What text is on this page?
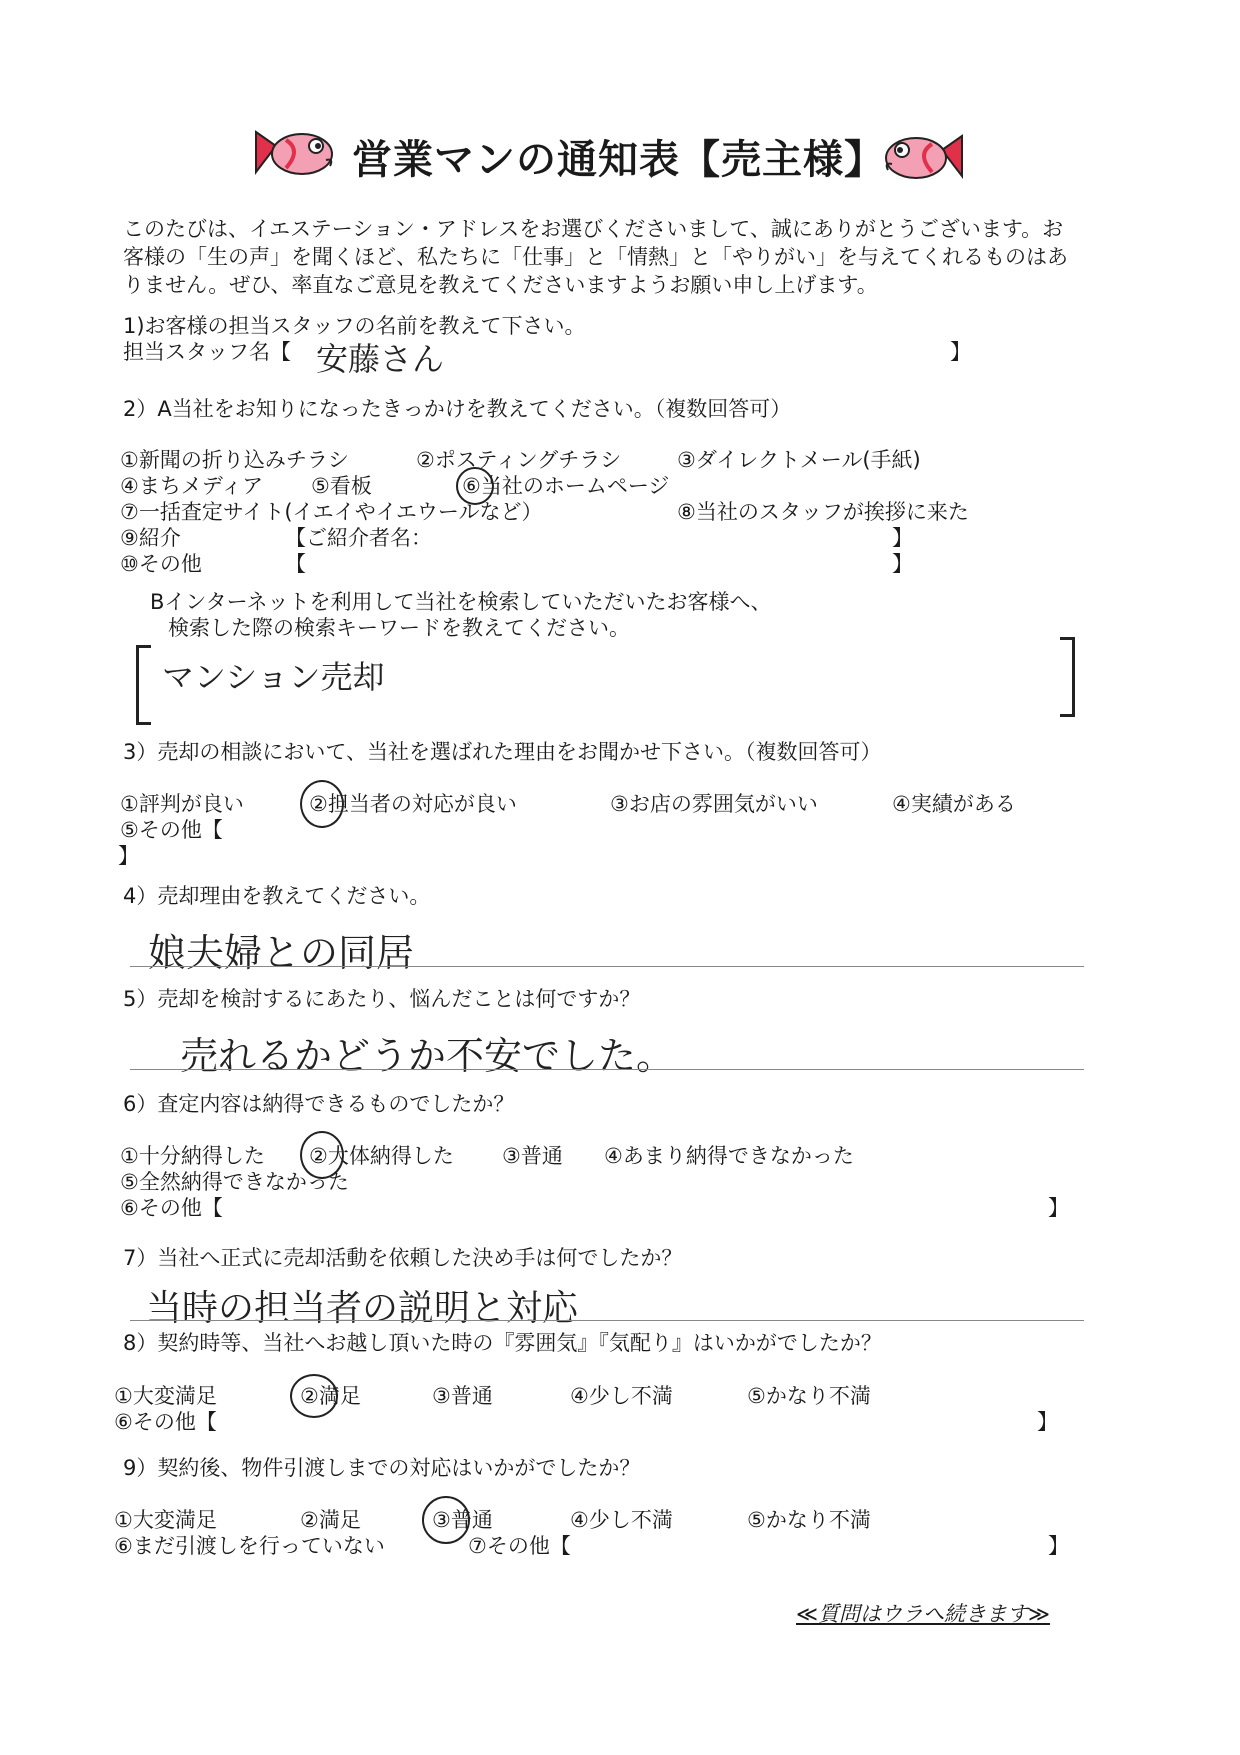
営業マンの通知表【売主様】
このたびは、イエステーション・アドレスをお選びくださいまして、誠にありがとうございます。お客様の「生の声」を聞くほど、私たちに「仕事」と「情熱」と「やりがい」を与えてくれるものはありません。ぜひ、率直なご意見を教えてくださいますようお願い申し上げます。
1)お客様の担当スタッフの名前を教えて下さい。
担当スタッフ名【 安藤さん	】
2）A当社をお知りになったきっかけを教えてください。（複数回答可）
①新聞の折り込みチラシ	②ポスティングチラシ	③ダイレクトメール(手紙)
④まちメディア ⑤看板	⑥当社のホームページ
⑦一括査定サイト(イエイやイエウールなど）	⑧当社のスタッフが挨拶に来た
⑨紹介	【ご紹介者名：	】
⑩その他	【	】
Bインターネットを利用して当社を検索していただいたお客様へ、
検索した際の検索キーワードを教えてください。
マンション売却
3）売却の相談において、当社を選ばれた理由をお聞かせ下さい。（複数回答可）
①評判が良い	②担当者の対応が良い	③お店の雰囲気がいい	④実績がある
⑤その他【
】
4）売却理由を教えてください。
娘夫婦との同居
5）売却を検討するにあたり、悩んだことは何ですか？
売れるかどうか不安でした。
6）査定内容は納得できるものでしたか？
①十分納得した ②大体納得した ③普通 ④あまり納得できなかった
⑤全然納得できなかった
⑥その他【	】
7）当社へ正式に売却活動を依頼した決め手は何でしたか？
当時の担当者の説明と対応
8）契約時等、当社へお越し頂いた時の『雰囲気』『気配り』はいかがでしたか？
①大変満足	②満足	③普通	④少し不満	⑤かなり不満
⑥その他【	】
9）契約後、物件引渡しまでの対応はいかがでしたか？
①大変満足	②満足	③普通	④少し不満	⑤かなり不満
⑥まだ引渡しを行っていない	⑦その他【	】
≪質問はウラへ続きます≫
